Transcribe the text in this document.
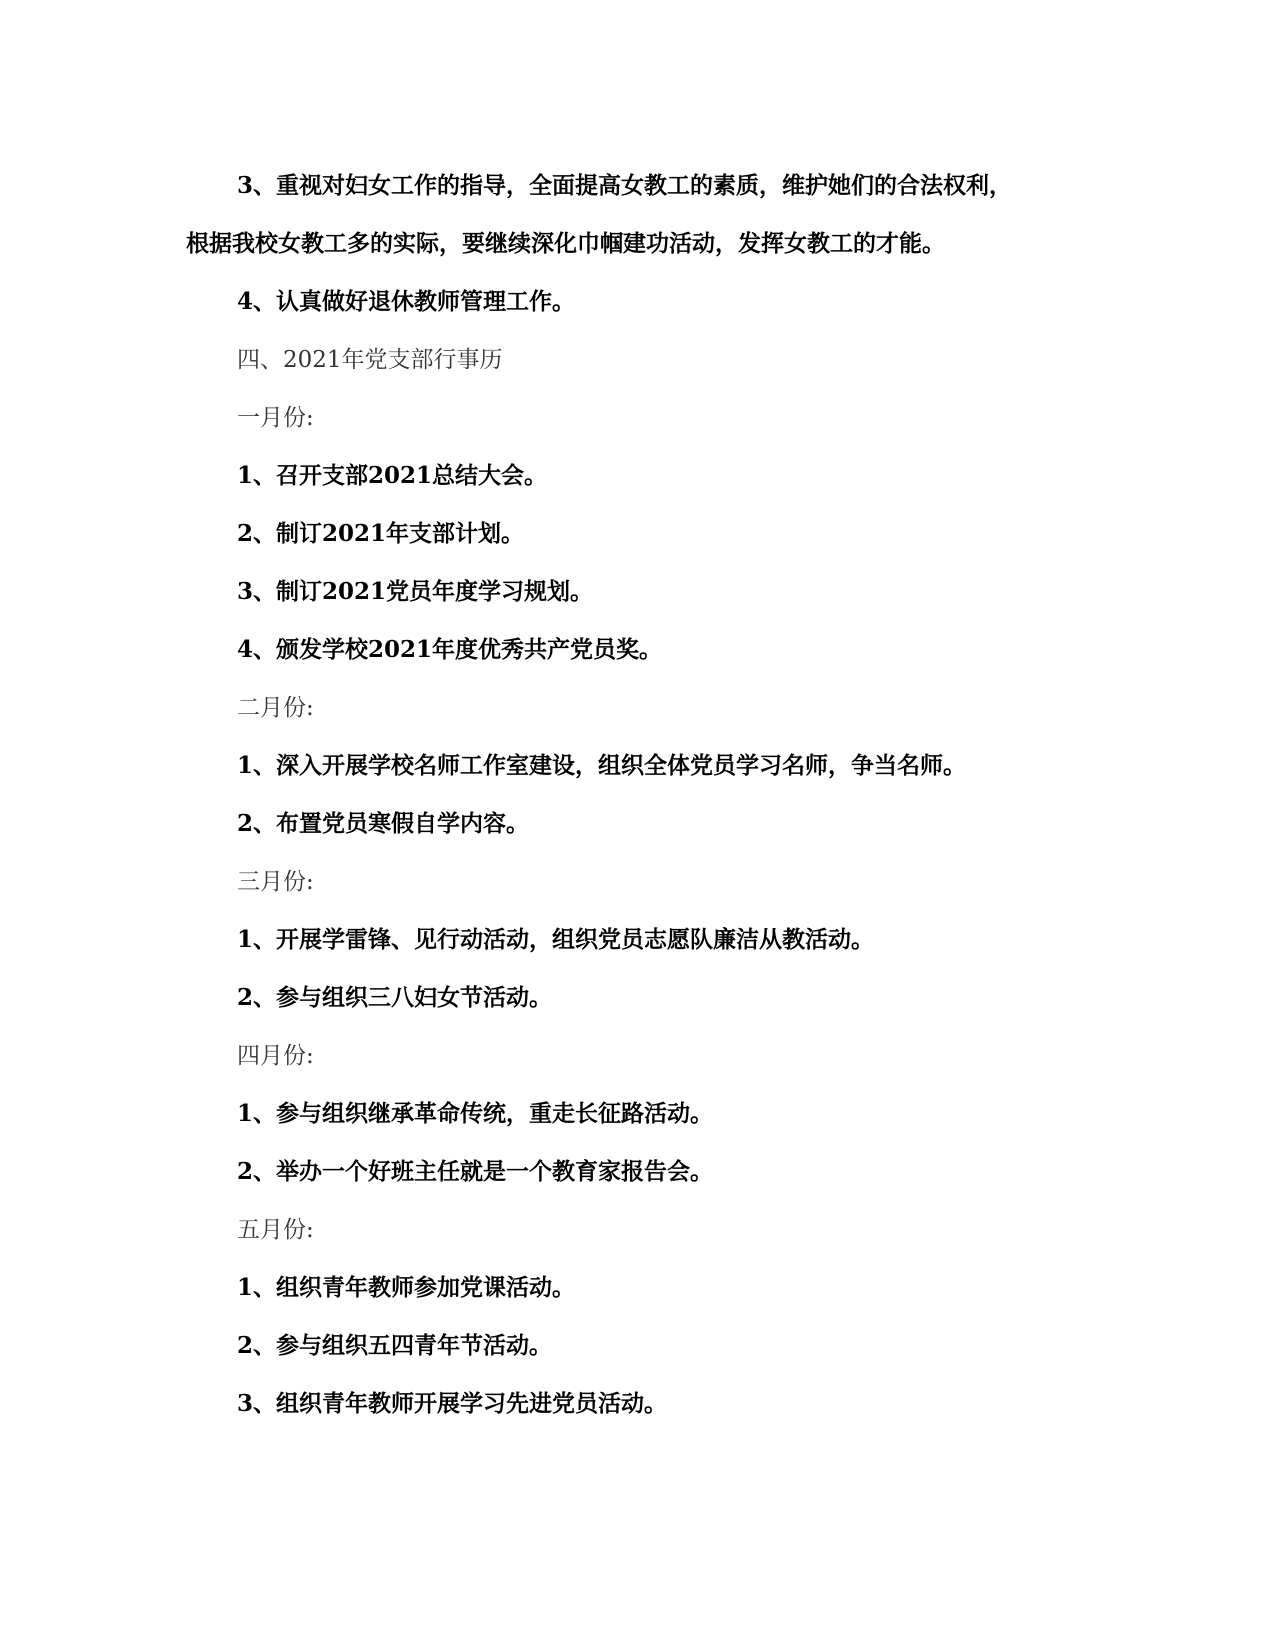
3、重视对妇女工作的指导，全面提高女教工的素质，维护她们的合法权利，
根据我校女教工多的实际，要继续深化巾帼建功活动，发挥女教工的才能。
4、认真做好退休教师管理工作。
四、2021年党支部行事历
一月份:
1、召开支部2021总结大会。
2、制订2021年支部计划。
3、制订2021党员年度学习规划。
4、颁发学校2021年度优秀共产党员奖。
二月份:
1、深入开展学校名师工作室建设，组织全体党员学习名师，争当名师。
2、布置党员寒假自学内容。
三月份:
1、开展学雷锋、见行动活动，组织党员志愿队廉洁从教活动。
2、参与组织三八妇女节活动。
四月份:
1、参与组织继承革命传统，重走长征路活动。
2、举办一个好班主任就是一个教育家报告会。
五月份:
1、组织青年教师参加党课活动。
2、参与组织五四青年节活动。
3、组织青年教师开展学习先进党员活动。
